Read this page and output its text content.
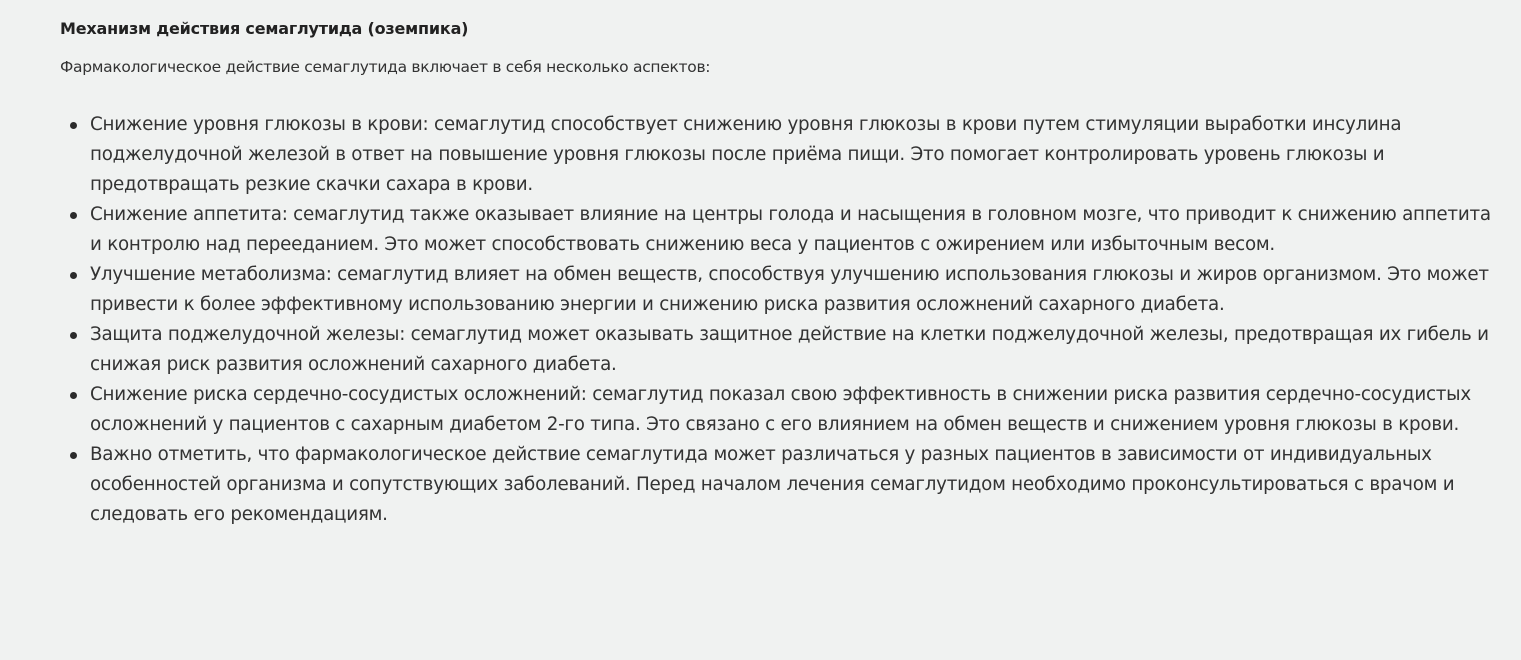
Механизм действия семаглутида (оземпика)

Фармакологическое действие семаглутида включает в себя несколько аспектов:

Снижение уровня глюкозы в крови: семаглутид способствует снижению уровня глюкозы в крови путем стимуляции выработки инсулина поджелудочной железой в ответ на повышение уровня глюкозы после приёма пищи. Это помогает контролировать уровень глюкозы и предотвращать резкие скачки сахара в крови.
Снижение аппетита: семаглутид также оказывает влияние на центры голода и насыщения в головном мозге, что приводит к снижению аппетита и контролю над перееданием. Это может способствовать снижению веса у пациентов с ожирением или избыточным весом.
Улучшение метаболизма: семаглутид влияет на обмен веществ, способствуя улучшению использования глюкозы и жиров организмом. Это может привести к более эффективному использованию энергии и снижению риска развития осложнений сахарного диабета.
Защита поджелудочной железы: семаглутид может оказывать защитное действие на клетки поджелудочной железы, предотвращая их гибель и снижая риск развития осложнений сахарного диабета.
Снижение риска сердечно-сосудистых осложнений: семаглутид показал свою эффективность в снижении риска развития сердечно-сосудистых осложнений у пациентов с сахарным диабетом 2-го типа. Это связано с его влиянием на обмен веществ и снижением уровня глюкозы в крови.
Важно отметить, что фармакологическое действие семаглутида может различаться у разных пациентов в зависимости от индивидуальных особенностей организма и сопутствующих заболеваний. Перед началом лечения семаглутидом необходимо проконсультироваться с врачом и следовать его рекомендациям.
